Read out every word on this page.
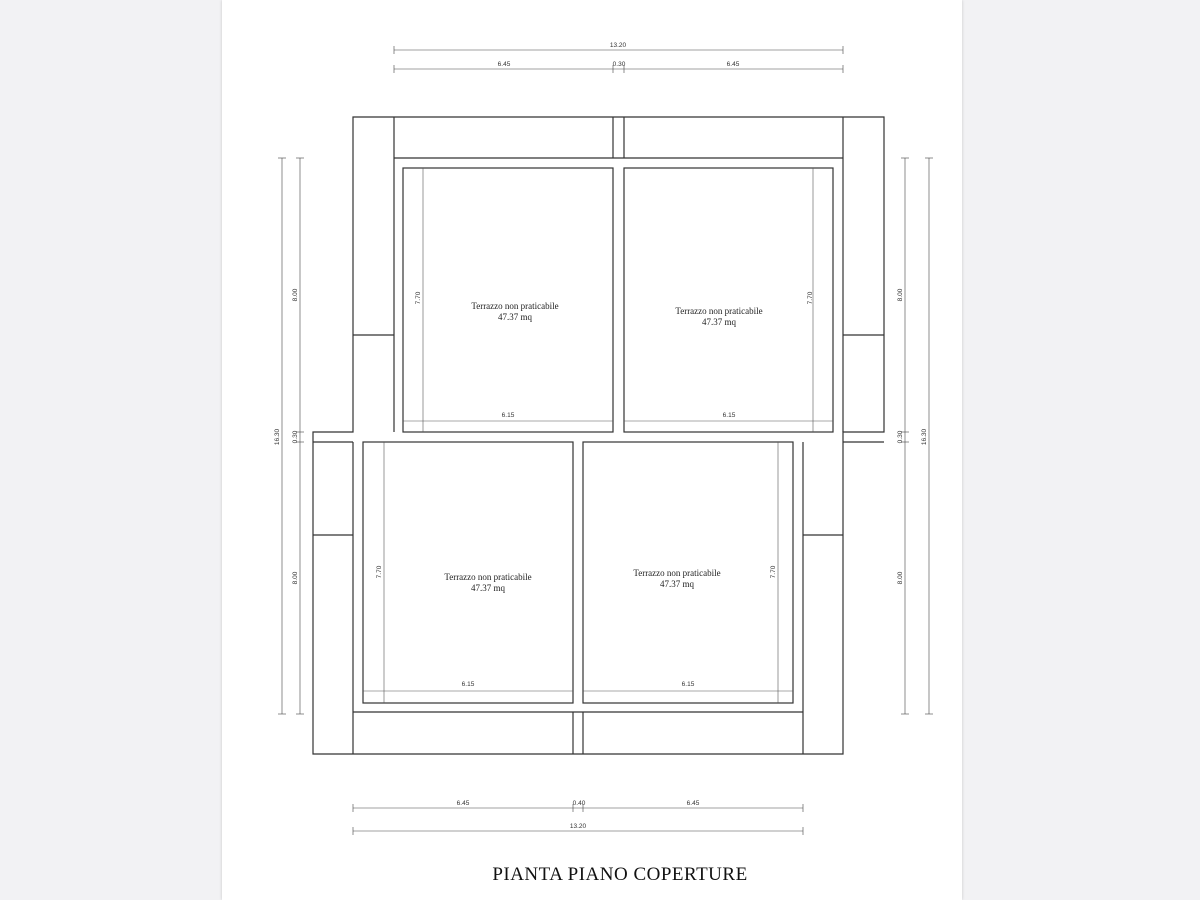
13.20
6.45	0.30	6.45
16.30
8.00
0.30
8.00
8.00
0.30
8.00
16.30
7.70
6.15
Terrazzo non praticabile
47.37 mq
7.70
6.15
Terrazzo non praticabile
47.37 mq
7.70
6.15
Terrazzo non praticabile
47.37 mq
7.70
6.15
Terrazzo non praticabile
47.37 mq
6.45	0.40	6.45
13.20
PIANTA PIANO COPERTURE
